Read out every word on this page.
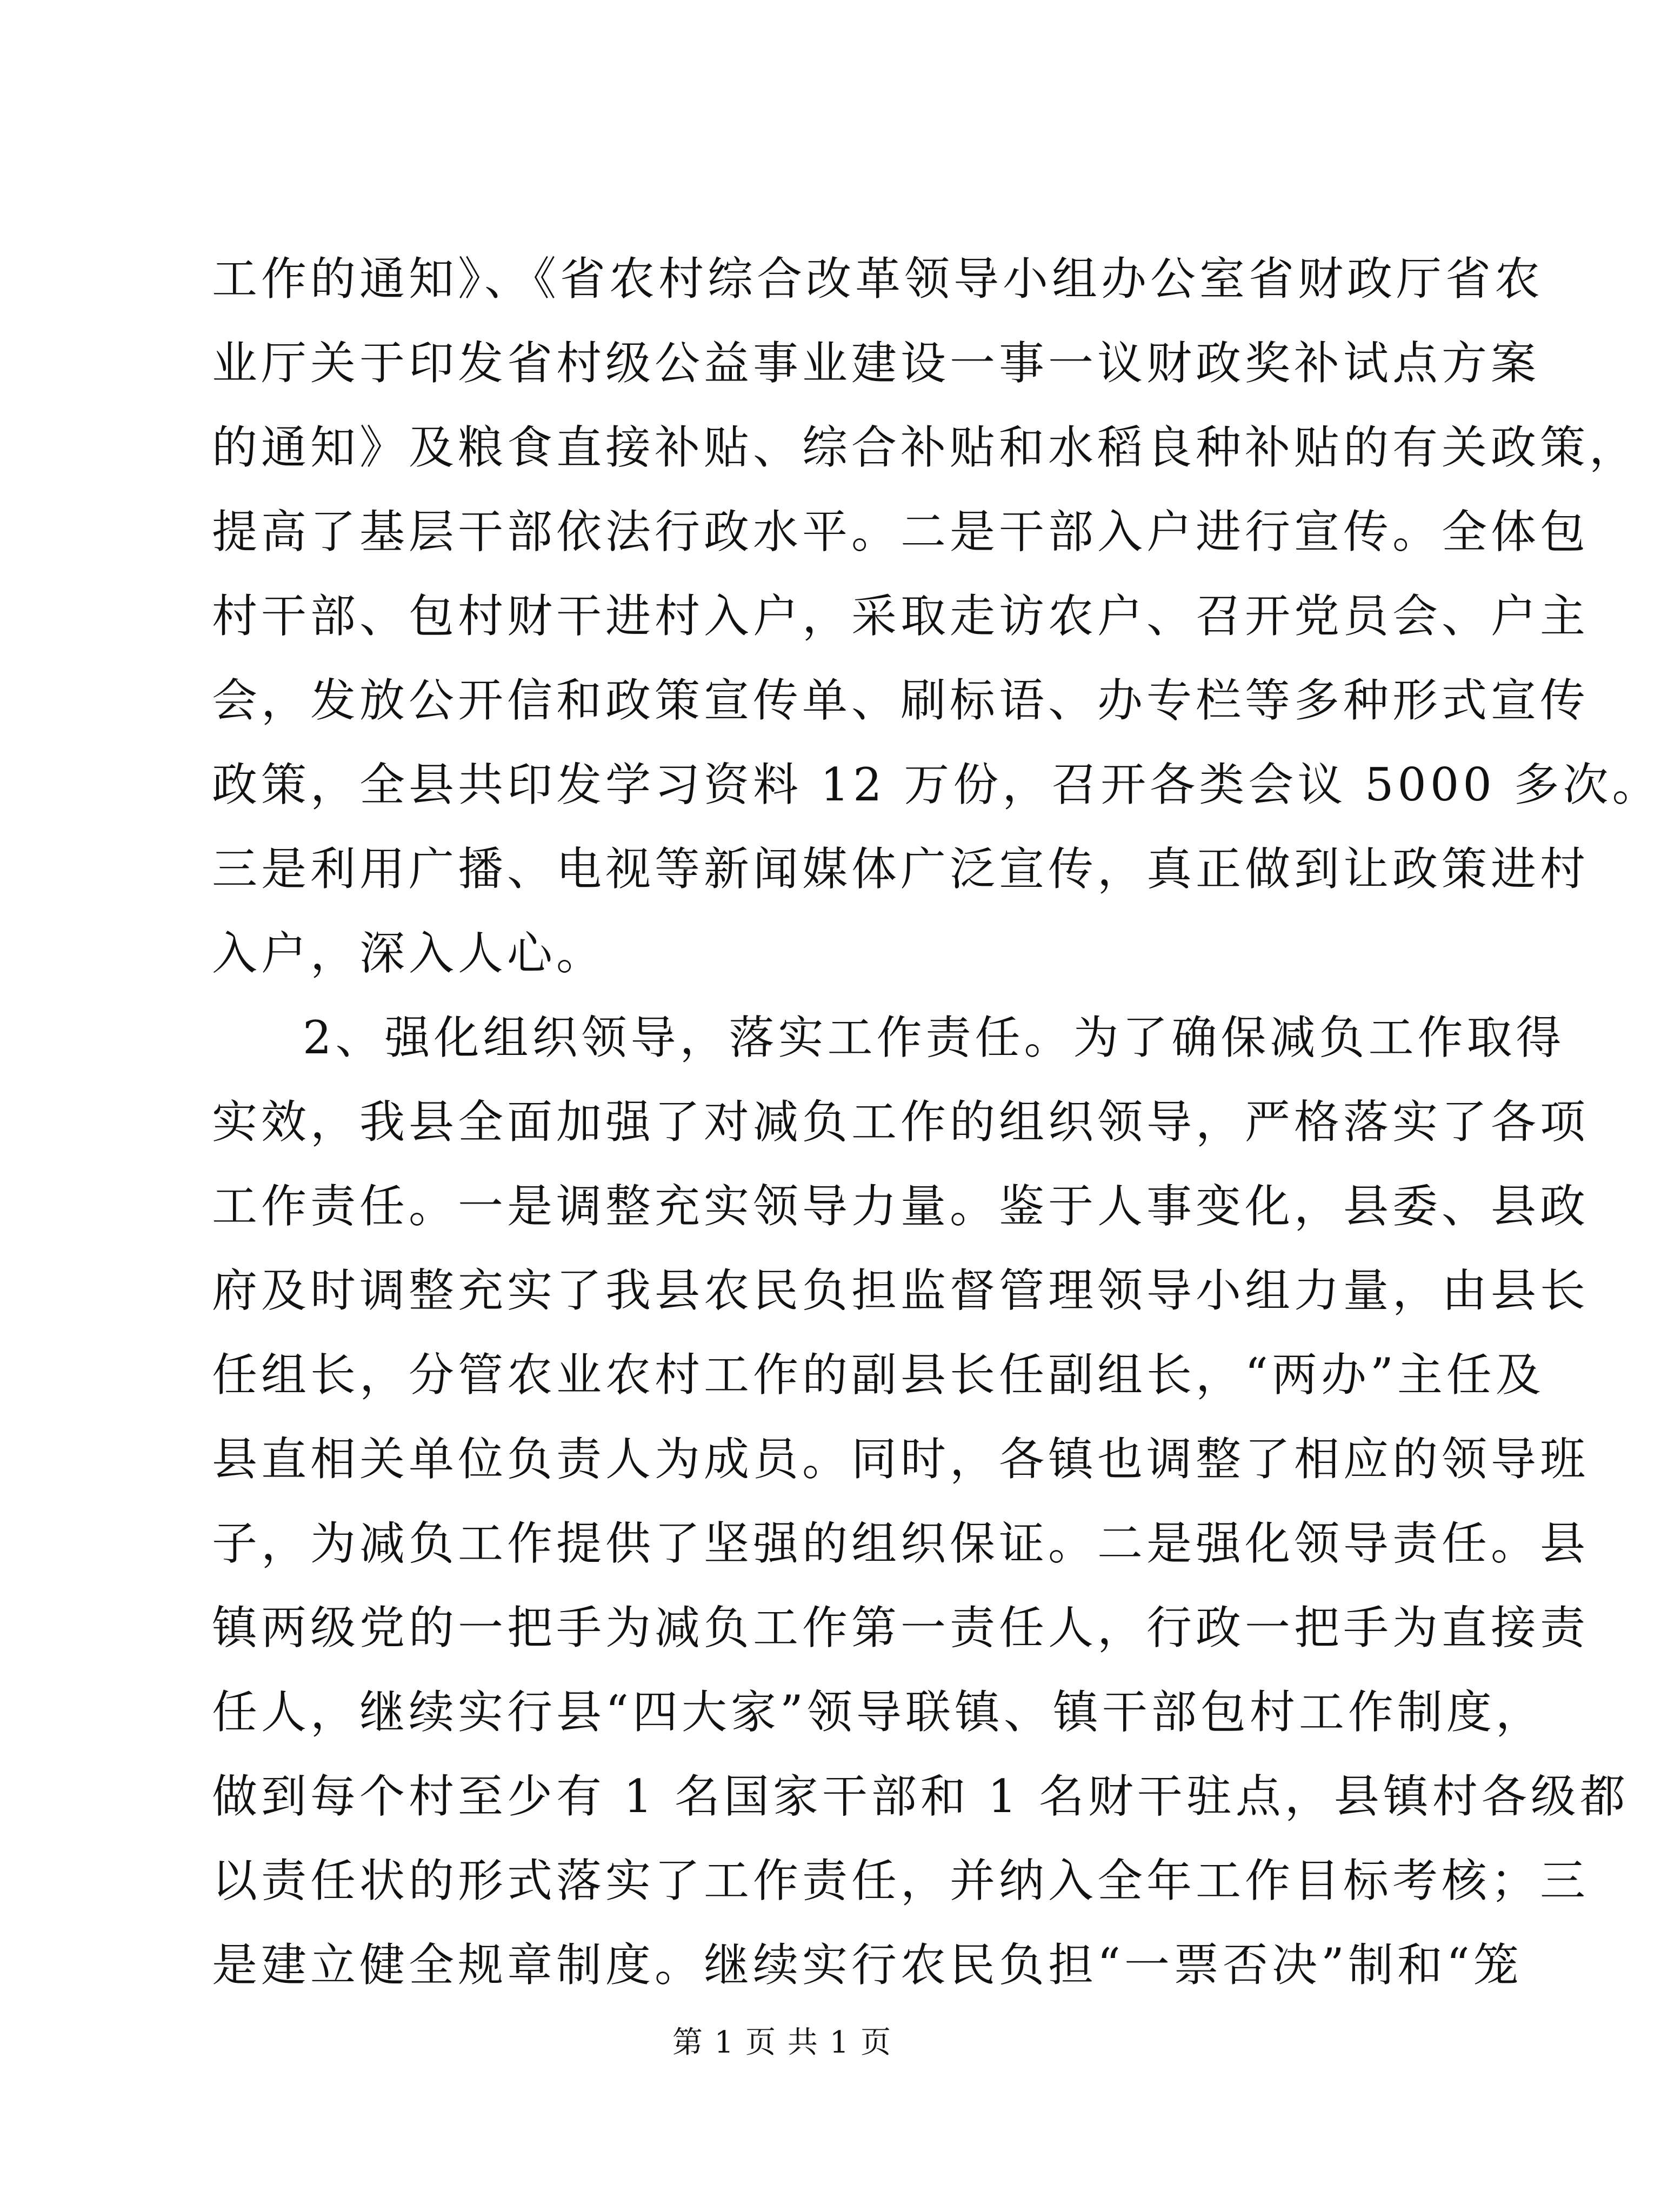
工作的通知》、《省农村综合改革领导小组办公室省财政厅省农
业厅关于印发省村级公益事业建设一事一议财政奖补试点方案
的通知》及粮食直接补贴、综合补贴和水稻良种补贴的有关政策，
提高了基层干部依法行政水平。二是干部入户进行宣传。全体包
村干部、包村财干进村入户，采取走访农户、召开党员会、户主
会，发放公开信和政策宣传单、刷标语、办专栏等多种形式宣传
政策，全县共印发学习资料 12 万份，召开各类会议 5000 多次。
三是利用广播、电视等新闻媒体广泛宣传，真正做到让政策进村
入户，深入人心。
2、强化组织领导，落实工作责任。为了确保减负工作取得
实效，我县全面加强了对减负工作的组织领导，严格落实了各项
工作责任。一是调整充实领导力量。鉴于人事变化，县委、县政
府及时调整充实了我县农民负担监督管理领导小组力量，由县长
任组长，分管农业农村工作的副县长任副组长，“两办”主任及
县直相关单位负责人为成员。同时，各镇也调整了相应的领导班
子，为减负工作提供了坚强的组织保证。二是强化领导责任。县
镇两级党的一把手为减负工作第一责任人，行政一把手为直接责
任人，继续实行县“四大家”领导联镇、镇干部包村工作制度，
做到每个村至少有 1 名国家干部和 1 名财干驻点，县镇村各级都
以责任状的形式落实了工作责任，并纳入全年工作目标考核；三
是建立健全规章制度。继续实行农民负担“一票否决”制和“笼
第 1 页 共 1 页
